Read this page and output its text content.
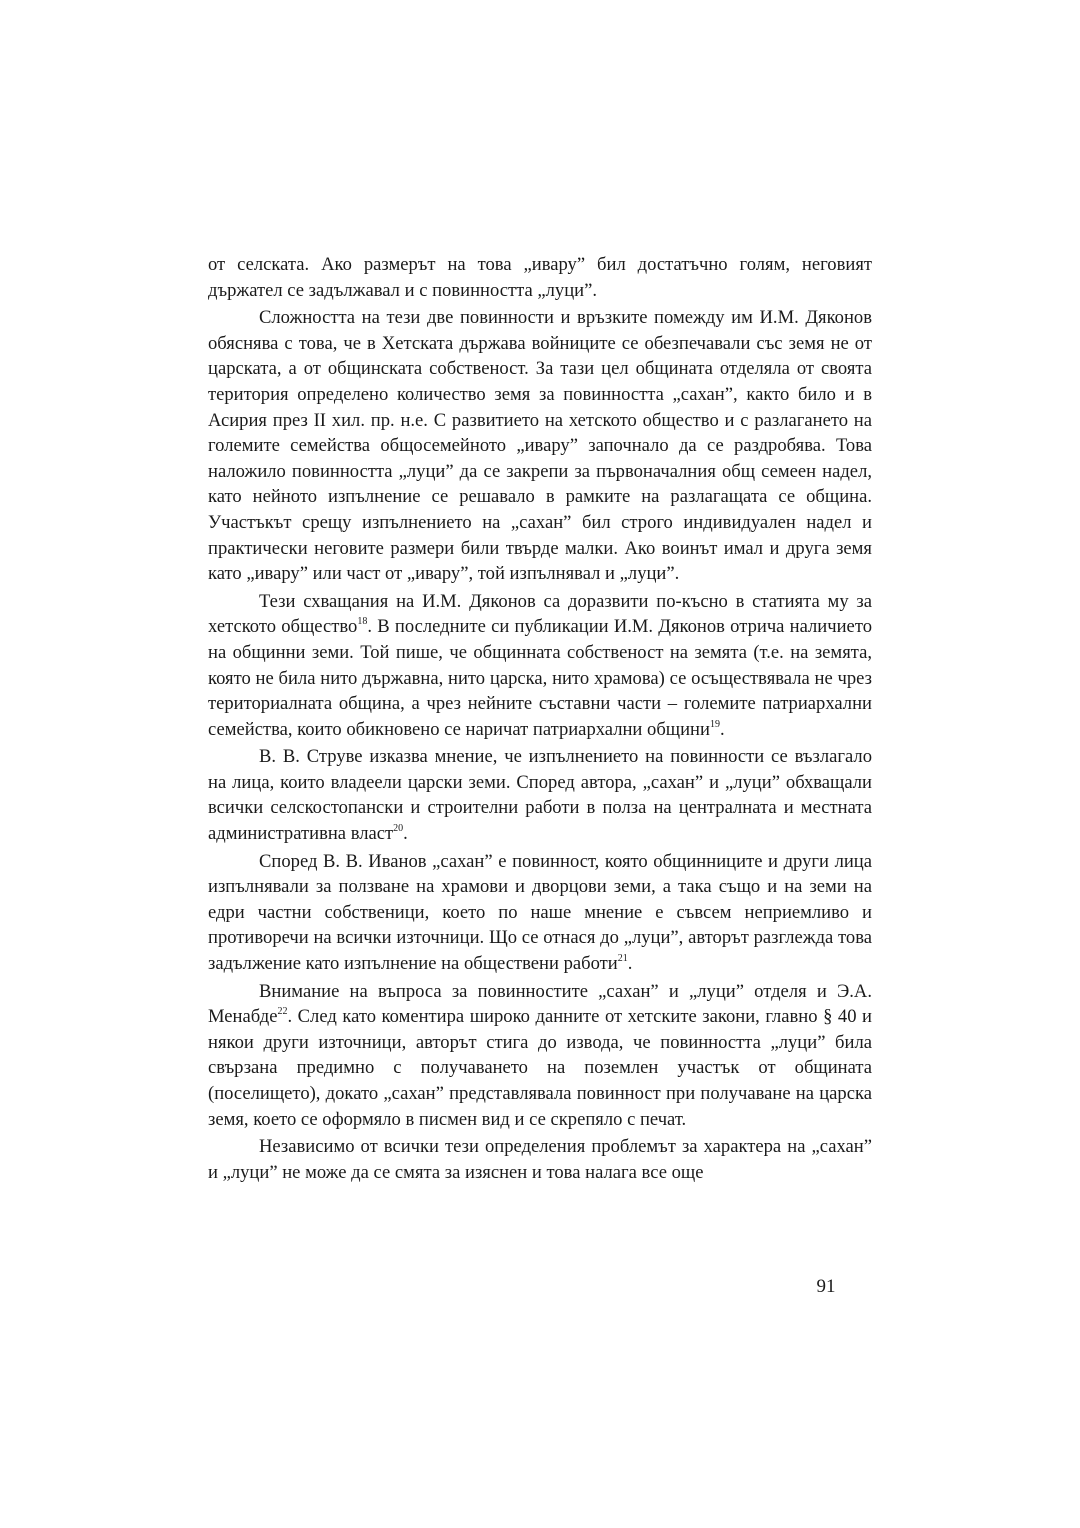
от селската. Ако размерът на това „ивару” бил достатъчно голям, неговият държател се задължавал и с повинността „луци”.

Сложността на тези две повинности и връзките помежду им И.М. Дяконов обяснява с това, че в Хетската държава войниците се обезпечавали със земя не от царската, а от общинската собственост. За тази цел общината отделяла от своята територия определено количество земя за повинността „сахан”, както било и в Асирия през II хил. пр. н.е. С развитието на хетското общество и с разлагането на големите семейства общосемейното „ивару” започнало да се раздробява. Това наложило повинността „луци” да се закрепи за първоначалния общ семеен надел, като нейното изпълнение се решавало в рамките на разлагащата се община. Участъкът срещу изпълнението на „сахан” бил строго индивидуален надел и практически неговите размери били твърде малки. Ако воинът имал и друга земя като „ивару” или част от „ивару”, той изпълнявал и „луци”.

Тези схващания на И.М. Дяконов са доразвити по-късно в статията му за хетското общество$^{18}$. В последните си публикации И.М. Дяконов отрича наличието на общинни земи. Той пише, че общинната собственост на земята (т.е. на земята, която не била нито държавна, нито царска, нито храмова) се осъществявала не чрез териториалната община, а чрез нейните съставни части – големите патриархални семейства, които обикновено се наричат патриархални общини$^{19}$.

В. В. Струве изказва мнение, че изпълнението на повинности се възлагало на лица, които владеели царски земи. Според автора, „сахан” и „луци” обхващали всички селскостопански и строителни работи в полза на централната и местната административна власт$^{20}$.

Според В. В. Иванов „сахан” е повинност, която общинниците и други лица изпълнявали за ползване на храмови и дворцови земи, а така също и на земи на едри частни собственици, което по наше мнение е съвсем неприемливо и противоречи на всички източници. Що се отнася до „луци”, авторът разглежда това задължение като изпълнение на обществени работи$^{21}$.

Внимание на въпроса за повинностите „сахан” и „луци” отделя и Э.А. Менабде$^{22}$. След като коментира широко данните от хетските закони, главно § 40 и някои други източници, авторът стига до извода, че повинността „луци” била свързана предимно с получаването на поземлен участък от общината (поселището), докато „сахан” представлявала повинност при получаване на царска земя, което се оформяло в писмен вид и се скрепяло с печат.

Независимо от всички тези определения проблемът за характера на „сахан” и „луци” не може да се смята за изяснен и това налага все още

91
